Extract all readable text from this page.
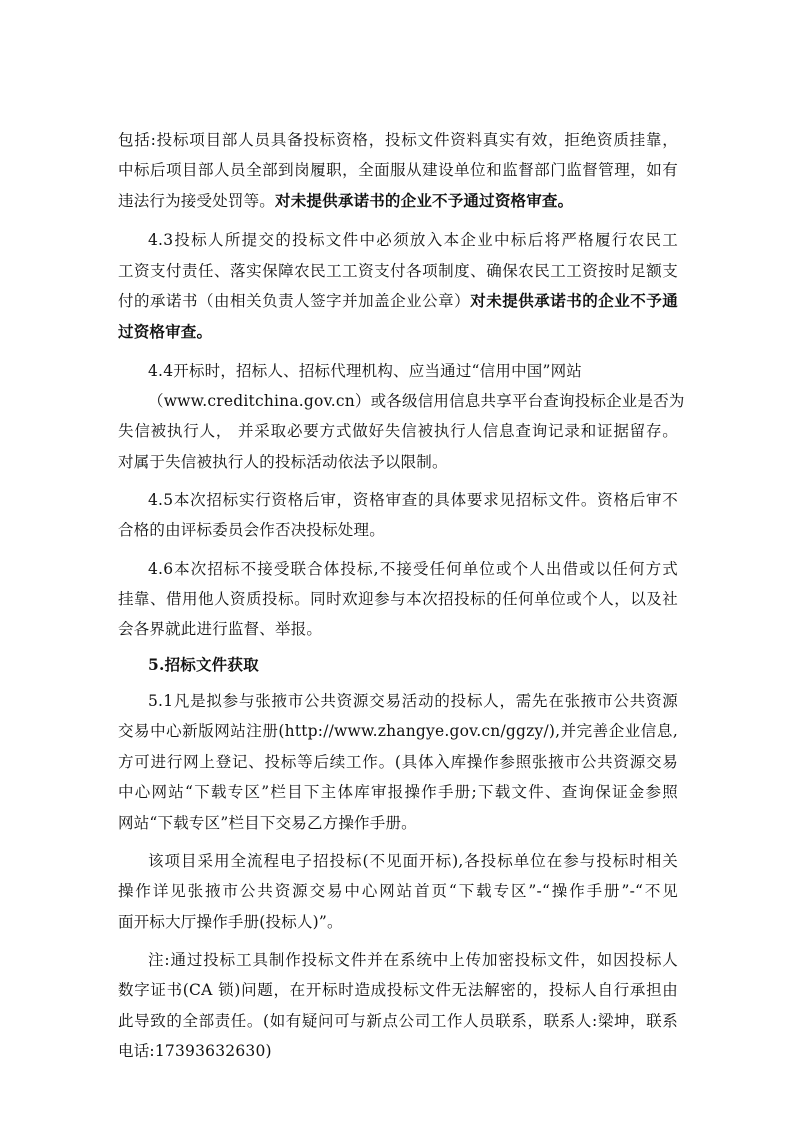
包括:投标项目部人员具备投标资格，投标文件资料真实有效，拒绝资质挂靠，
中标后项目部人员全部到岗履职，全面服从建设单位和监督部门监督管理，如有
违法行为接受处罚等。对未提供承诺书的企业不予通过资格审查。
4.3投标人所提交的投标文件中必须放入本企业中标后将严格履行农民工
工资支付责任、落实保障农民工工资支付各项制度、确保农民工工资按时足额支
付的承诺书（由相关负责人签字并加盖企业公章）对未提供承诺书的企业不予通
过资格审查。
4.4开标时，招标人、招标代理机构、应当通过“信用中国”网站
（www.creditchina.gov.cn）或各级信用信息共享平台查询投标企业是否为
失信被执行人， 并采取必要方式做好失信被执行人信息查询记录和证据留存。
对属于失信被执行人的投标活动依法予以限制。
4.5本次招标实行资格后审，资格审查的具体要求见招标文件。资格后审不
合格的由评标委员会作否决投标处理。
4.6本次招标不接受联合体投标,不接受任何单位或个人出借或以任何方式
挂靠、借用他人资质投标。同时欢迎参与本次招投标的任何单位或个人，以及社
会各界就此进行监督、举报。
5.招标文件获取
5.1凡是拟参与张掖市公共资源交易活动的投标人，需先在张掖市公共资源
交易中心新版网站注册(http://www.zhangye.gov.cn/ggzy/),并完善企业信息,
方可进行网上登记、投标等后续工作。(具体入库操作参照张掖市公共资源交易
中心网站“下载专区”栏目下主体库审报操作手册;下载文件、查询保证金参照
网站“下载专区”栏目下交易乙方操作手册。
该项目采用全流程电子招投标(不见面开标),各投标单位在参与投标时相关
操作详见张掖市公共资源交易中心网站首页“下载专区”-“操作手册”-“不见
面开标大厅操作手册(投标人)”。
注:通过投标工具制作投标文件并在系统中上传加密投标文件，如因投标人
数字证书(CA 锁)问题，在开标时造成投标文件无法解密的，投标人自行承担由
此导致的全部责任。(如有疑问可与新点公司工作人员联系，联系人:梁坤，联系
电话:17393632630)
